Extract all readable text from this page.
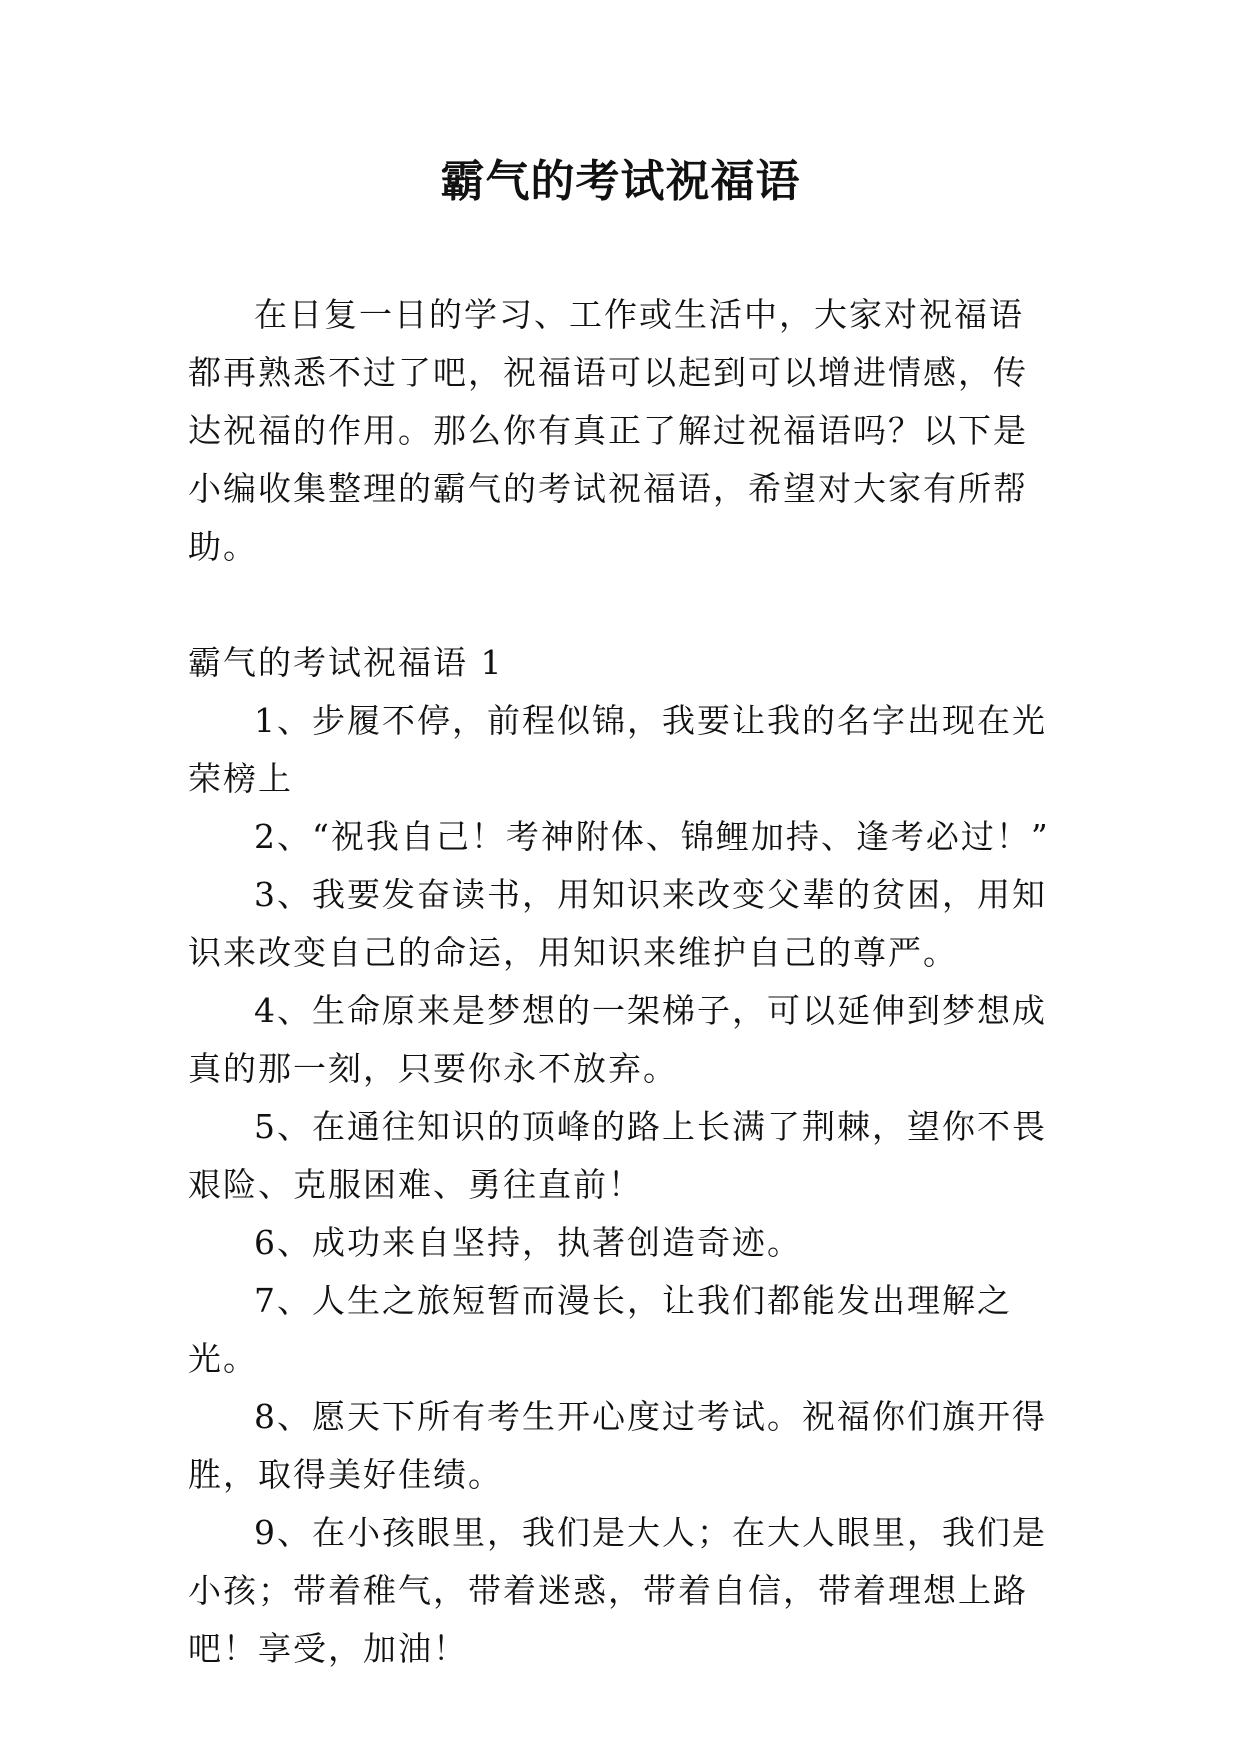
霸气的考试祝福语

在日复一日的学习、工作或生活中，大家对祝福语都再熟悉不过了吧，祝福语可以起到可以增进情感，传达祝福的作用。那么你有真正了解过祝福语吗？以下是小编收集整理的霸气的考试祝福语，希望对大家有所帮助。

霸气的考试祝福语 1

1、步履不停，前程似锦，我要让我的名字出现在光荣榜上

2、“祝我自己！考神附体、锦鲤加持、逢考必过！”

3、我要发奋读书，用知识来改变父辈的贫困，用知识来改变自己的命运，用知识来维护自己的尊严。

4、生命原来是梦想的一架梯子，可以延伸到梦想成真的那一刻，只要你永不放弃。

5、在通往知识的顶峰的路上长满了荆棘，望你不畏艰险、克服困难、勇往直前！

6、成功来自坚持，执著创造奇迹。

7、人生之旅短暂而漫长，让我们都能发出理解之光。

8、愿天下所有考生开心度过考试。祝福你们旗开得胜，取得美好佳绩。

9、在小孩眼里，我们是大人；在大人眼里，我们是小孩；带着稚气，带着迷惑，带着自信，带着理想上路吧！享受，加油！
